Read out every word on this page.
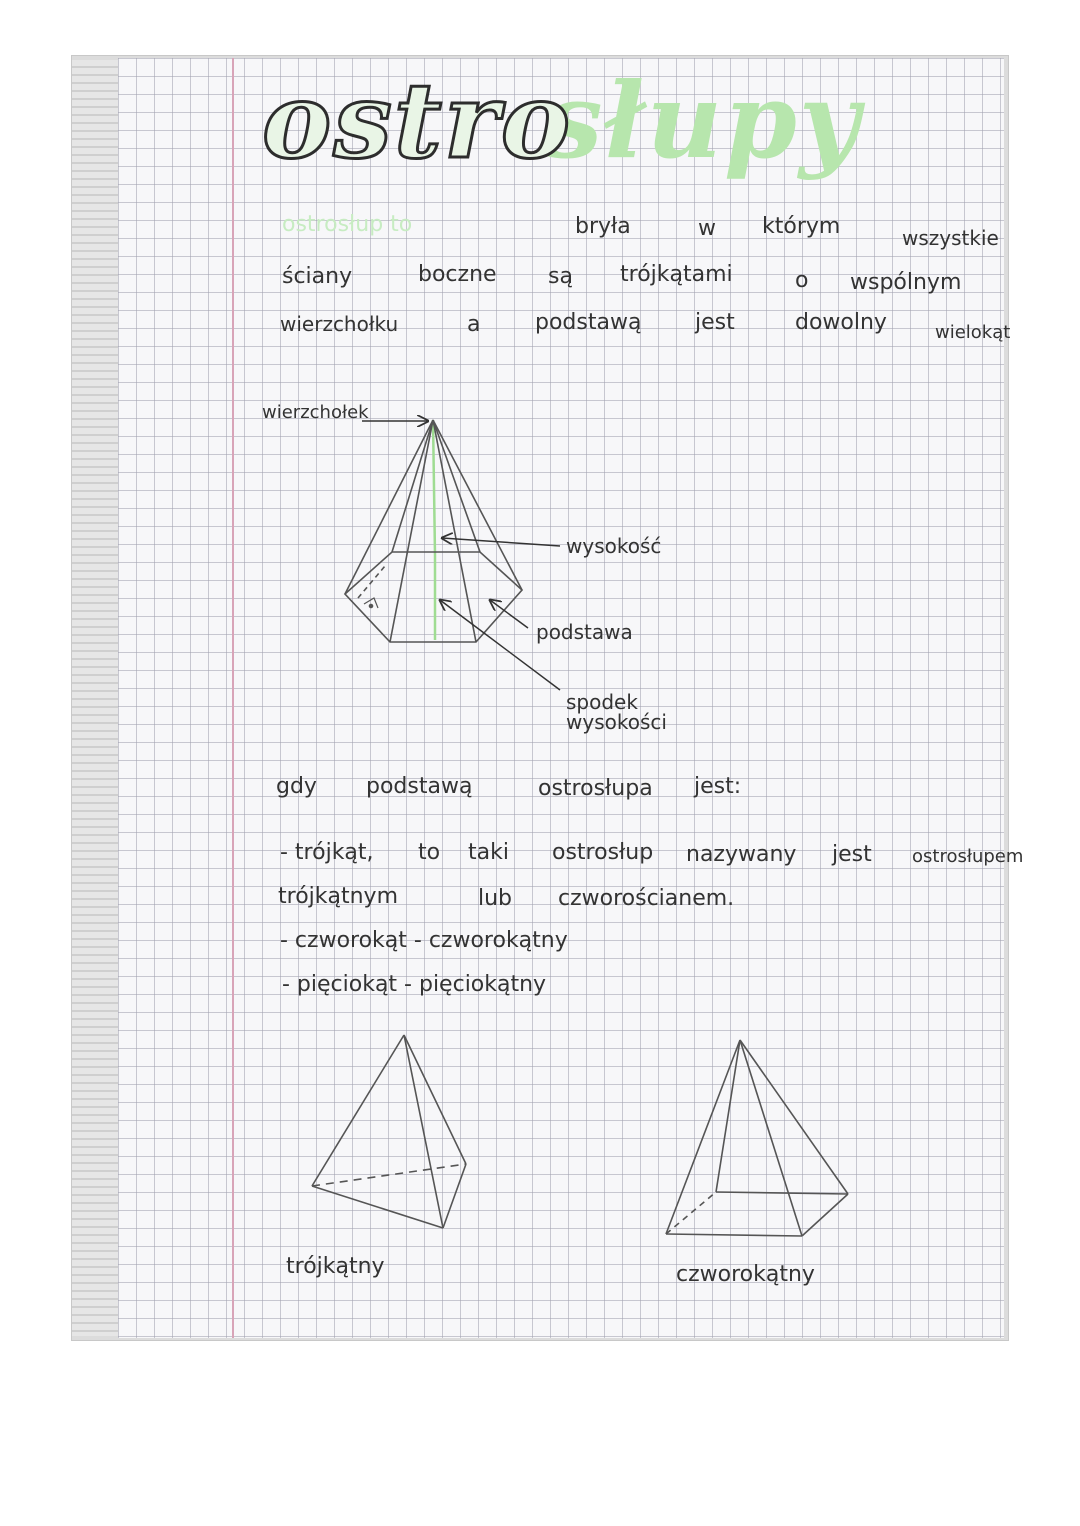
słupy
ostro
ostrosłup to	bryła	w którym	wszystkie
ściany	boczne są trójkątami	o wspólnym
wierzchołku	a podstawą jest	dowolny	wielokąt
wierzchołek
wysokość
podstawa
spodek
wysokości
gdy podstawą	ostrosłupa jest:
- trójkąt, to taki ostrosłup nazywany jest ostrosłupem
trójkątnym	lub czworościanem.
- czworokąt - czworokątny
- pięciokąt - pięciokątny
trójkątny	czworokątny
